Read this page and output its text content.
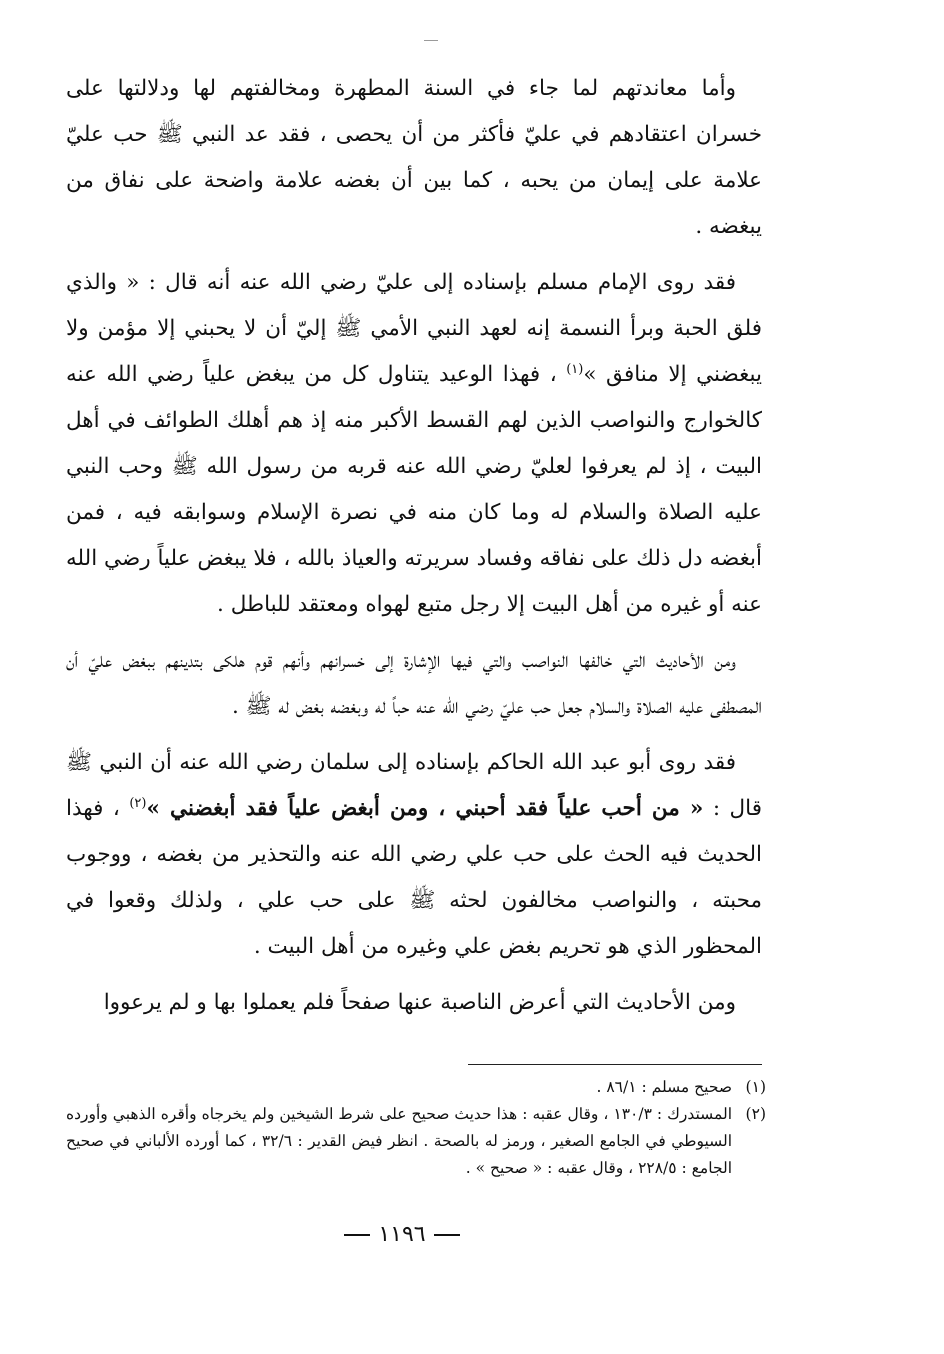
وأما معاندتهم لما جاء في السنة المطهرة ومخالفتهم لها ودلالتها على خسران اعتقادهم في عليّ فأكثر من أن يحصى ، فقد عد النبي ﷺ حب عليّ علامة على إيمان من يحبه ، كما بين أن بغضه علامة واضحة على نفاق من يبغضه .

فقد روى الإمام مسلم بإسناده إلى عليّ رضي الله عنه أنه قال : « والذي فلق الحبة وبرأ النسمة إنه لعهد النبي الأمي ﷺ إليّ أن لا يحبني إلا مؤمن ولا يبغضني إلا منافق »$^{(١)}$ ، فهذا الوعيد يتناول كل من يبغض علياً رضي الله عنه كالخوارج والنواصب الذين لهم القسط الأكبر منه إذ هم أهلك الطوائف في أهل البيت ، إذ لم يعرفوا لعليّ رضي الله عنه قربه من رسول الله ﷺ وحب النبي عليه الصلاة والسلام له وما كان منه في نصرة الإسلام وسوابقه فيه ، فمن أبغضه دل ذلك على نفاقه وفساد سريرته والعياذ بالله ، فلا يبغض علياً رضي الله عنه أو غيره من أهل البيت إلا رجل متبع لهواه ومعتقد للباطل .

ومن الأحاديث التي خالفها النواصب والتي فيها الإشارة إلى خسرانهم وأنهم قوم هلكى بتدينهم ببغض عليّ أن المصطفى عليه الصلاة والسلام جعل حب عليّ رضي الله عنه حباً له وبغضه بغض له ﷺ .

فقد روى أبو عبد الله الحاكم بإسناده إلى سلمان رضي الله عنه أن النبي ﷺ قال : « من أحب علياً فقد أحبني ، ومن أبغض علياً فقد أبغضني »$^{(٢)}$ ، فهذا الحديث فيه الحث على حب علي رضي الله عنه والتحذير من بغضه ، ووجوب محبته ، والنواصب مخالفون لحثه ﷺ على حب علي ، ولذلك وقعوا في المحظور الذي هو تحريم بغض علي وغيره من أهل البيت .

ومن الأحاديث التي أعرض الناصبة عنها صفحاً فلم يعملوا بها و لم يرعووا

(١)
صحيح مسلم : ٨٦/١ .
(٢)
المستدرك : ١٣٠/٣ ، وقال عقبه : هذا حديث صحيح على شرط الشيخين ولم يخرجاه وأقره الذهبي وأورده السيوطي في الجامع الصغير ، ورمز له بالصحة . انظر فيض القدير : ٣٢/٦ ، كما أورده الألباني في صحيح الجامع : ٢٢٨/٥ ، وقال عقبه : « صحيح » .
١١٩٦
